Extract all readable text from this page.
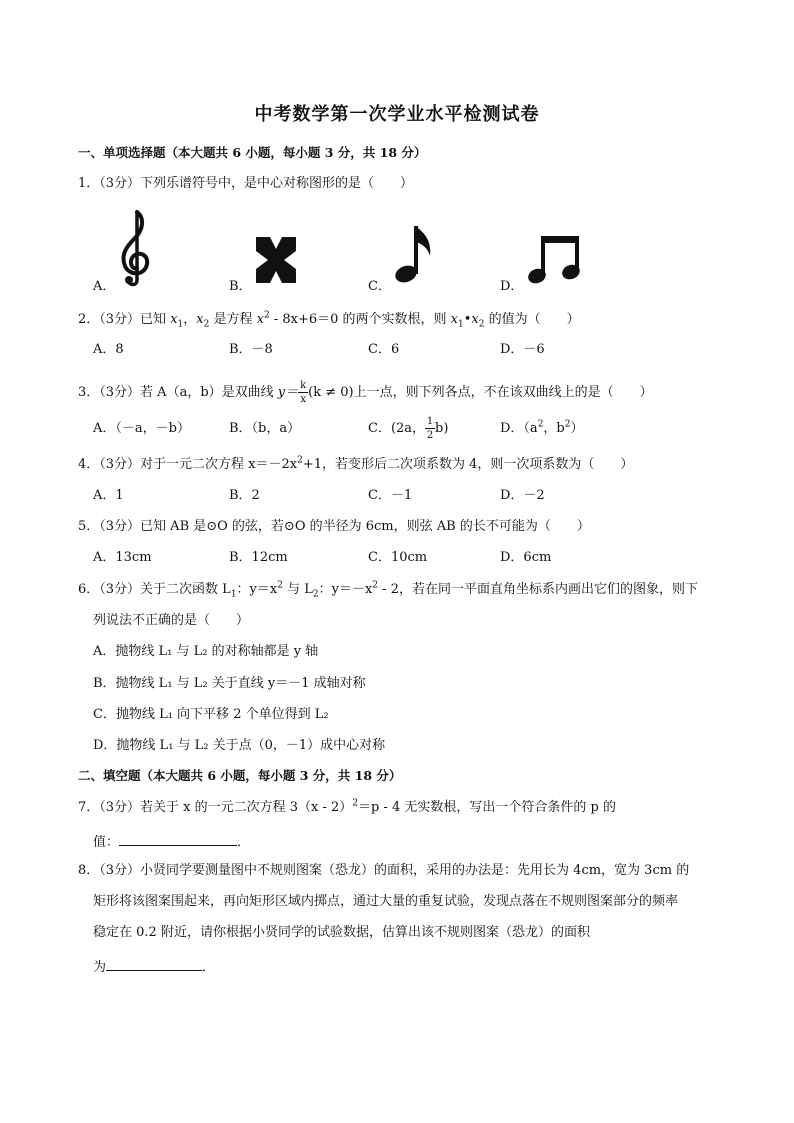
中考数学第一次学业水平检测试卷
一、单项选择题（本大题共 6 小题，每小题 3 分，共 18 分）
1．（3分）下列乐谱符号中，是中心对称图形的是（　　）
A．	B．	C．	D．
2．（3分）已知 $x_1$，$x_2$ 是方程 $x^2 - 8x+6=0$ 的两个实数根，则 $x_1•x_2$ 的值为（　　）
A．8	B．－8	C．6	D．－6
3．（3分）若 A（a，b）是双曲线 $y= \frac{k}{x} (k \ne 0)$上一点，则下列各点，不在该双曲线上的是（　　）
A．（－a，－b）	B．（b，a）	C．(2a， $\frac{1}{2} b$)	D．（$a^2$，$b^2$）
4．（3分）对于一元二次方程 $x=-2x^2+1$，若变形后二次项系数为 4，则一次项系数为（　　）
A．1	B．2	C．－1	D．－2
5．（3分）已知 AB 是⊙O 的弦，若⊙O 的半径为 6cm，则弦 AB 的长不可能为（　　）
A．13cm	B．12cm	C．10cm	D．6cm
6．（3分）关于二次函数 $L_1$：$y=x^2$ 与 $L_2$：$y=-x^2 - 2$，若在同一平面直角坐标系内画出它们的图象，则下
列说法不正确的是（　　）
A．抛物线 L₁ 与 L₂ 的对称轴都是 y 轴
B．抛物线 L₁ 与 L₂ 关于直线 y＝－1 成轴对称
C．抛物线 L₁ 向下平移 2 个单位得到 L₂
D．抛物线 L₁ 与 L₂ 关于点（0，－1）成中心对称
二、填空题（本大题共 6 小题，每小题 3 分，共 18 分）
7．（3分）若关于 x 的一元二次方程 3（x - 2）$^2$＝p - 4 无实数根，写出一个符合条件的 p 的
值：	．
8．（3分）小贤同学要测量图中不规则图案（恐龙）的面积，采用的办法是：先用长为 4cm，宽为 3cm 的
矩形将该图案围起来，再向矩形区域内掷点，通过大量的重复试验，发现点落在不规则图案部分的频率
稳定在 0.2 附近，请你根据小贤同学的试验数据，估算出该不规则图案（恐龙）的面积
为	．
